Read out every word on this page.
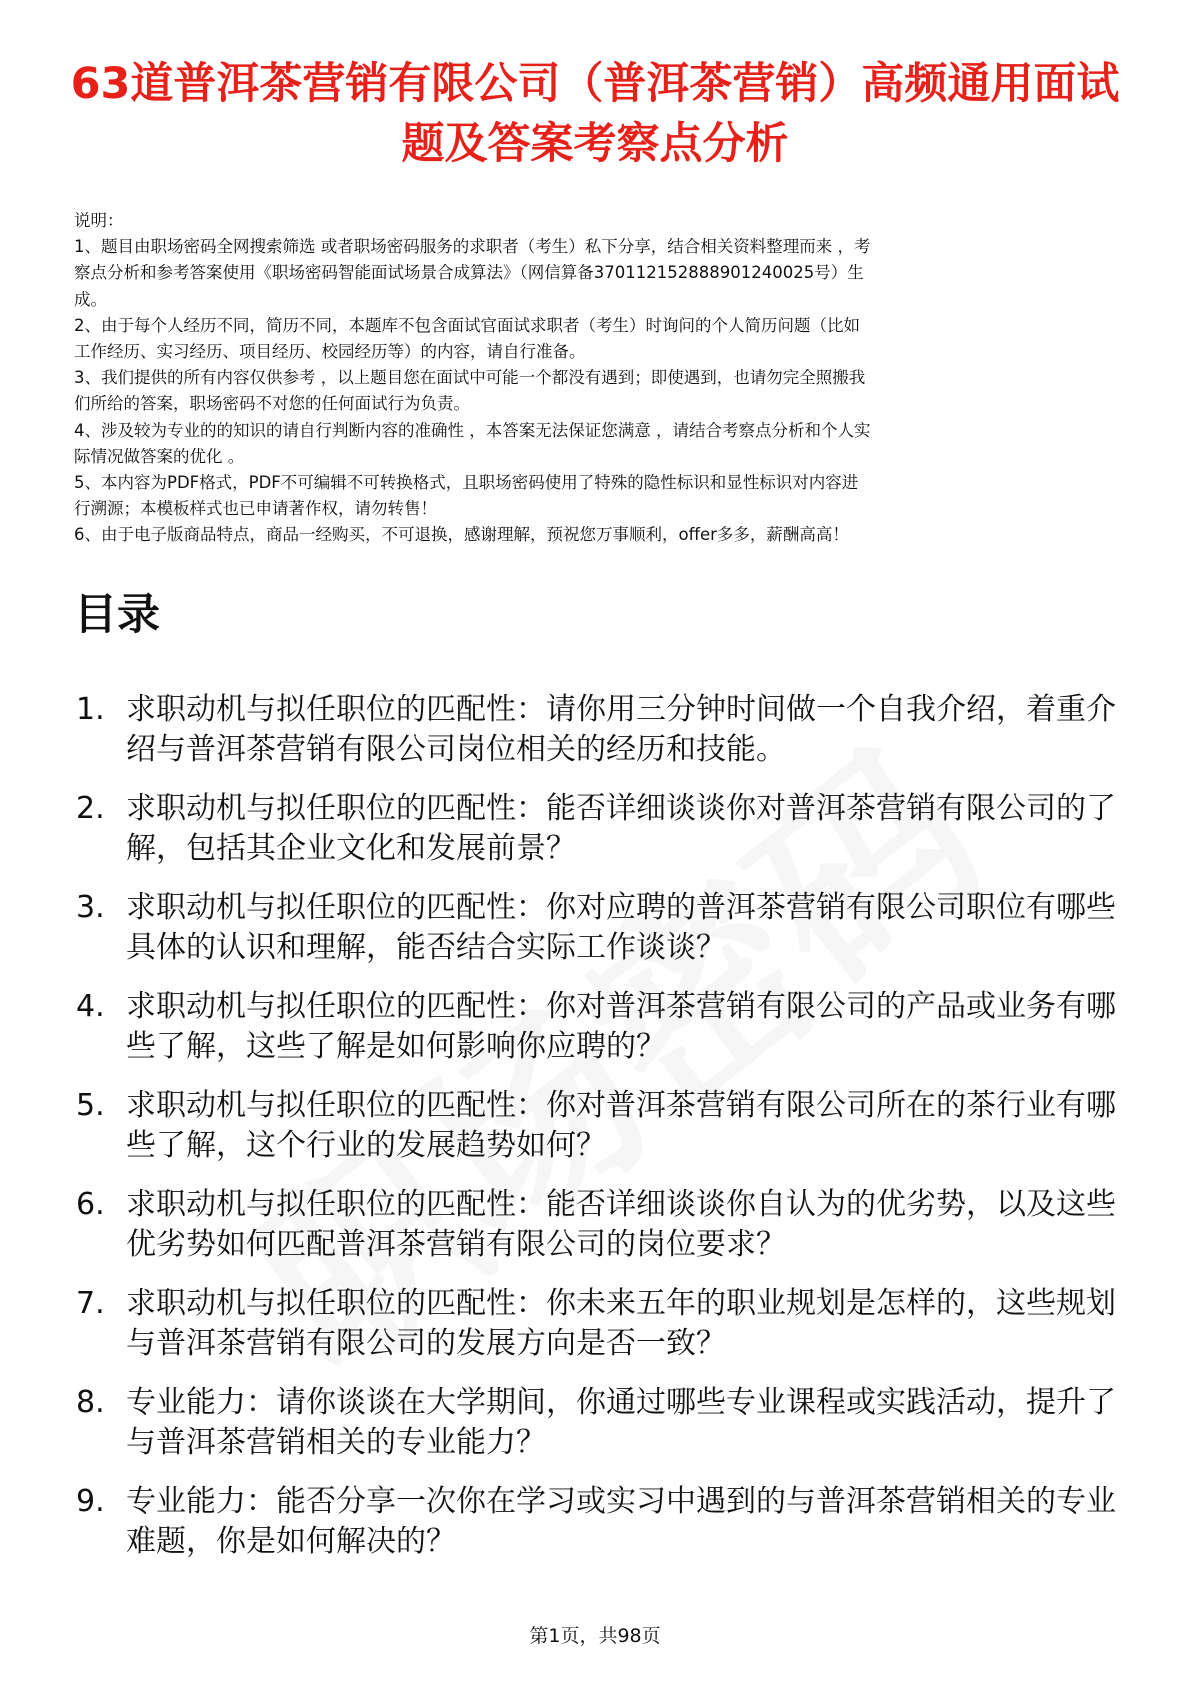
63道普洱茶营销有限公司（普洱茶营销）高频通用面试题及答案考察点分析

说明：

1、题目由职场密码全网搜索筛选 或者职场密码服务的求职者（考生）私下分享，结合相关资料整理而来 ，考

察点分析和参考答案使用《职场密码智能面试场景合成算法》（网信算备370112152888901240025号）生

成。

2、由于每个人经历不同，简历不同，本题库不包含面试官面试求职者（考生）时询问的个人简历问题（比如

工作经历、实习经历、项目经历、校园经历等）的内容，请自行准备。

3、我们提供的所有内容仅供参考 ，以上题目您在面试中可能一个都没有遇到；即使遇到，也请勿完全照搬我

们所给的答案，职场密码不对您的任何面试行为负责。

4、涉及较为专业的的知识的请自行判断内容的准确性 ，本答案无法保证您满意 ，请结合考察点分析和个人实

际情况做答案的优化 。

5、本内容为PDF格式，PDF不可编辑不可转换格式，且职场密码使用了特殊的隐性标识和显性标识对内容进

行溯源；本模板样式也已申请著作权，请勿转售！

6、由于电子版商品特点，商品一经购买，不可退换，感谢理解，预祝您万事顺利，offer多多，薪酬高高！

目录
1. 求职动机与拟任职位的匹配性：请你用三分钟时间做一个自我介绍，着重介绍与普洱茶营销有限公司岗位相关的经历和技能。
2. 求职动机与拟任职位的匹配性：能否详细谈谈你对普洱茶营销有限公司的了解，包括其企业文化和发展前景？
3. 求职动机与拟任职位的匹配性：你对应聘的普洱茶营销有限公司职位有哪些具体的认识和理解，能否结合实际工作谈谈？
4. 求职动机与拟任职位的匹配性：你对普洱茶营销有限公司的产品或业务有哪些了解，这些了解是如何影响你应聘的？
5. 求职动机与拟任职位的匹配性：你对普洱茶营销有限公司所在的茶行业有哪些了解，这个行业的发展趋势如何？
6. 求职动机与拟任职位的匹配性：能否详细谈谈你自认为的优劣势，以及这些优劣势如何匹配普洱茶营销有限公司的岗位要求？
7. 求职动机与拟任职位的匹配性：你未来五年的职业规划是怎样的，这些规划与普洱茶营销有限公司的发展方向是否一致？
8. 专业能力：请你谈谈在大学期间，你通过哪些专业课程或实践活动，提升了与普洱茶营销相关的专业能力？
9. 专业能力：能否分享一次你在学习或实习中遇到的与普洱茶营销相关的专业难题，你是如何解决的？
第1页，共98页
